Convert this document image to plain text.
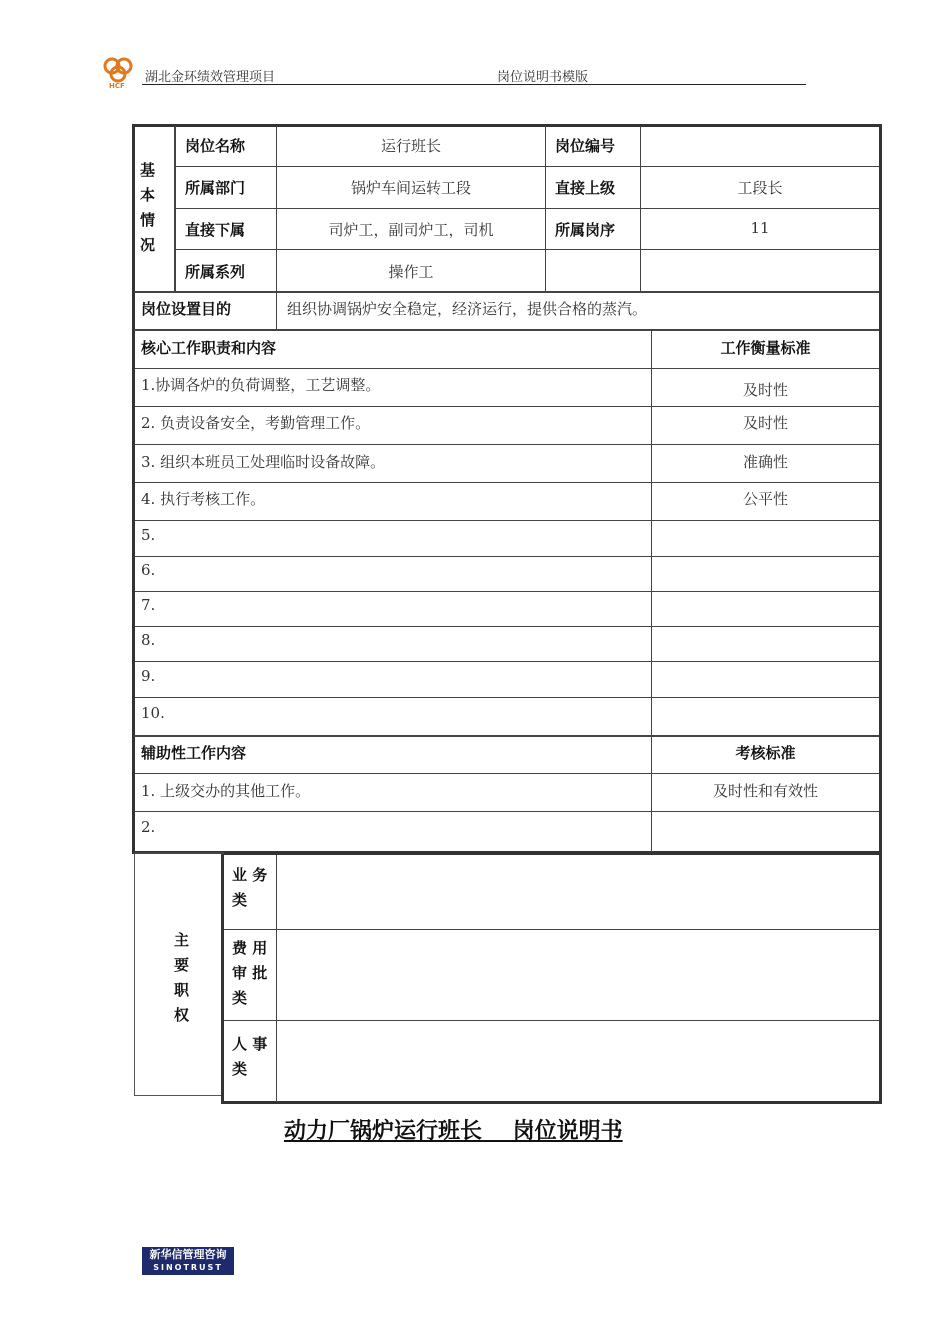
HCF
湖北金环绩效管理项目	岗位说明书模版
基
本
情
况
岗位名称	运行班长	岗位编号
所属部门	锅炉车间运转工段	直接上级	工段长
直接下属	司炉工，副司炉工，司机	所属岗序	11
所属系列	操作工
岗位设置目的	组织协调锅炉安全稳定，经济运行，提供合格的蒸汽。
核心工作职责和内容	工作衡量标准
1.协调各炉的负荷调整，工艺调整。	及时性
2. 负责设备安全，考勤管理工作。	及时性
3. 组织本班员工处理临时设备故障。	准确性
4. 执行考核工作。	公平性
5.
6.
7.
8.
9.
10.
辅助性工作内容	考核标准
1. 上级交办的其他工作。	及时性和有效性
2.
主
要
职
权
业 务
类
费 用
审 批
类
人 事
类
动力厂锅炉运行班长    岗位说明书
新华信管理咨询
SINOTRUST
